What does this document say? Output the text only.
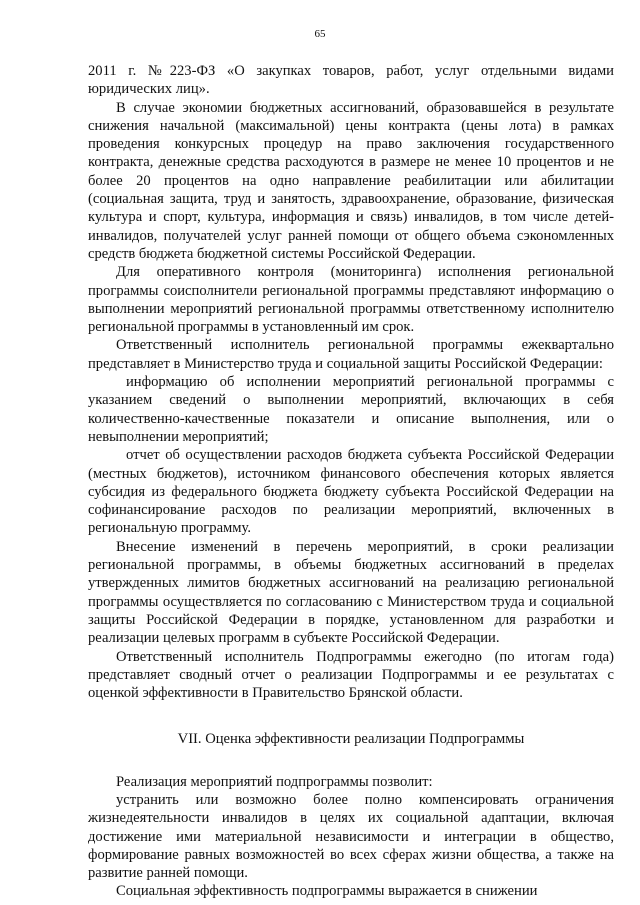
65

2011 г. №223-ФЗ «О закупках товаров, работ, услуг отдельными видами юридических лиц».

В случае экономии бюджетных ассигнований, образовавшейся в результате снижения начальной (максимальной) цены контракта (цены лота) в рамках проведения конкурсных процедур на право заключения государственного контракта, денежные средства расходуются в размере не менее 10 процентов и не более 20 процентов на одно направление реабилитации или абилитации (социальная защита, труд и занятость, здравоохранение, образование, физическая культура и спорт, культура, информация и связь) инвалидов, в том числе детей-инвалидов, получателей услуг ранней помощи от общего объема сэкономленных средств бюджета бюджетной системы Российской Федерации.

Для оперативного контроля (мониторинга) исполнения региональной программы соисполнители региональной программы представляют информацию о выполнении мероприятий региональной программы ответственному исполнителю региональной программы в установленный им срок.

Ответственный исполнитель региональной программы ежеквартально представляет в Министерство труда и социальной защиты Российской Федерации:

информацию об исполнении мероприятий региональной программы с указанием сведений о выполнении мероприятий, включающих в себя количественно-качественные показатели и описание выполнения, или о невыполнении мероприятий;

отчет об осуществлении расходов бюджета субъекта Российской Федерации (местных бюджетов), источником финансового обеспечения которых является субсидия из федерального бюджета бюджету субъекта Российской Федерации на софинансирование расходов по реализации мероприятий, включенных в региональную программу.

Внесение изменений в перечень мероприятий, в сроки реализации региональной программы, в объемы бюджетных ассигнований в пределах утвержденных лимитов бюджетных ассигнований на реализацию региональной программы осуществляется по согласованию с Министерством труда и социальной защиты Российской Федерации в порядке, установленном для разработки и реализации целевых программ в субъекте Российской Федерации.

Ответственный исполнитель Подпрограммы ежегодно (по итогам года) представляет сводный отчет о реализации Подпрограммы и ее результатах с оценкой эффективности в Правительство Брянской области.

VII. Оценка эффективности реализации Подпрограммы

Реализация мероприятий подпрограммы позволит:

устранить или возможно более полно компенсировать ограничения жизнедеятельности инвалидов в целях их социальной адаптации, включая достижение ими материальной независимости и интеграции в общество, формирование равных возможностей во всех сферах жизни общества, а также на развитие ранней помощи.

Социальная эффективность подпрограммы выражается в снижении
